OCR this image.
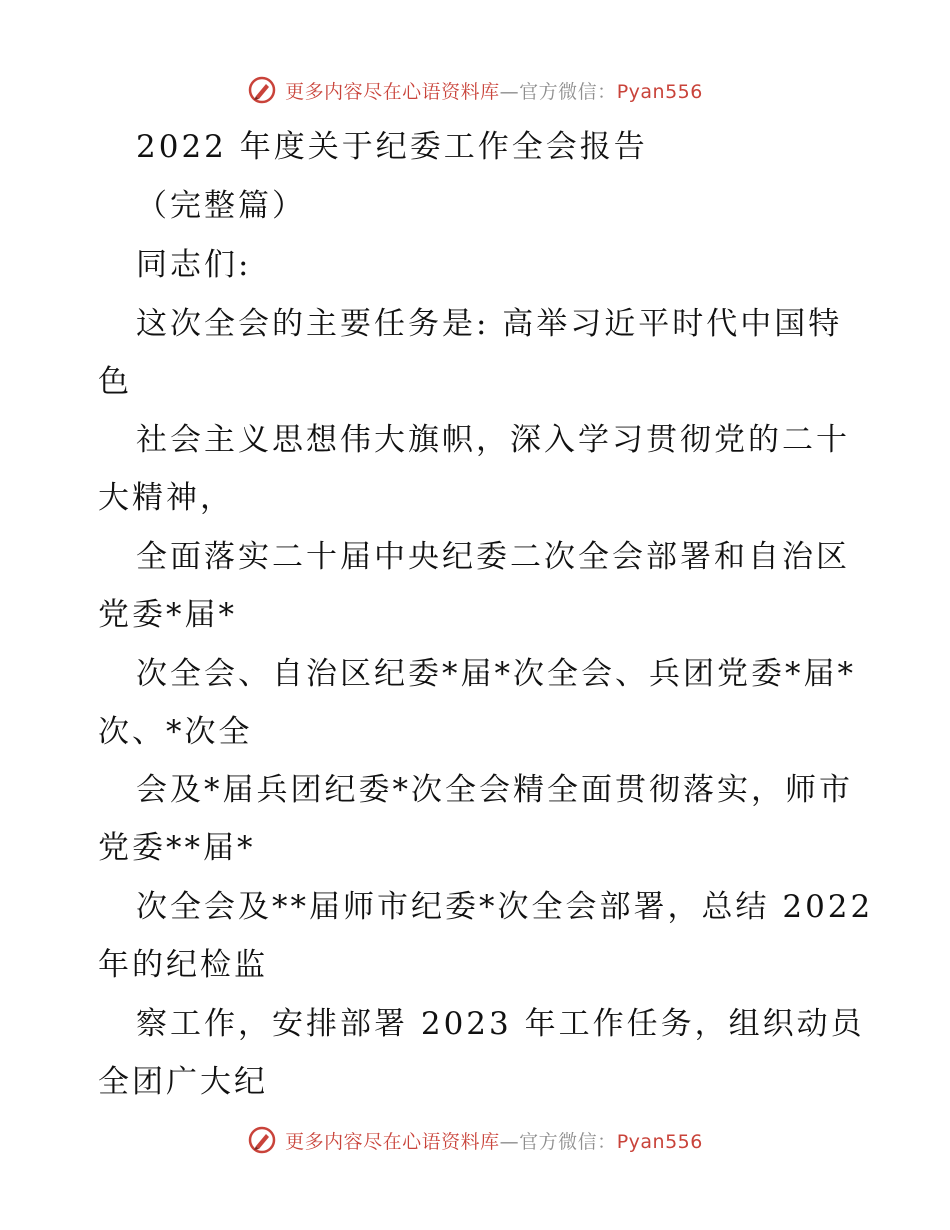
更多内容尽在心语资料库—官方微信：Pyan556
2022 年度关于纪委工作全会报告
（完整篇）
同志们:
这次全会的主要任务是: 高举习近平时代中国特
色
社会主义思想伟大旗帜，深入学习贯彻党的二十
大精神，
全面落实二十届中央纪委二次全会部署和自治区
党委*届*
次全会、自治区纪委*届*次全会、兵团党委*届*
次、*次全
会及*届兵团纪委*次全会精全面贯彻落实，师市
党委**届*
次全会及**届师市纪委*次全会部署，总结 2022
年的纪检监
察工作，安排部署 2023 年工作任务，组织动员
全团广大纪
更多内容尽在心语资料库—官方微信：Pyan556
